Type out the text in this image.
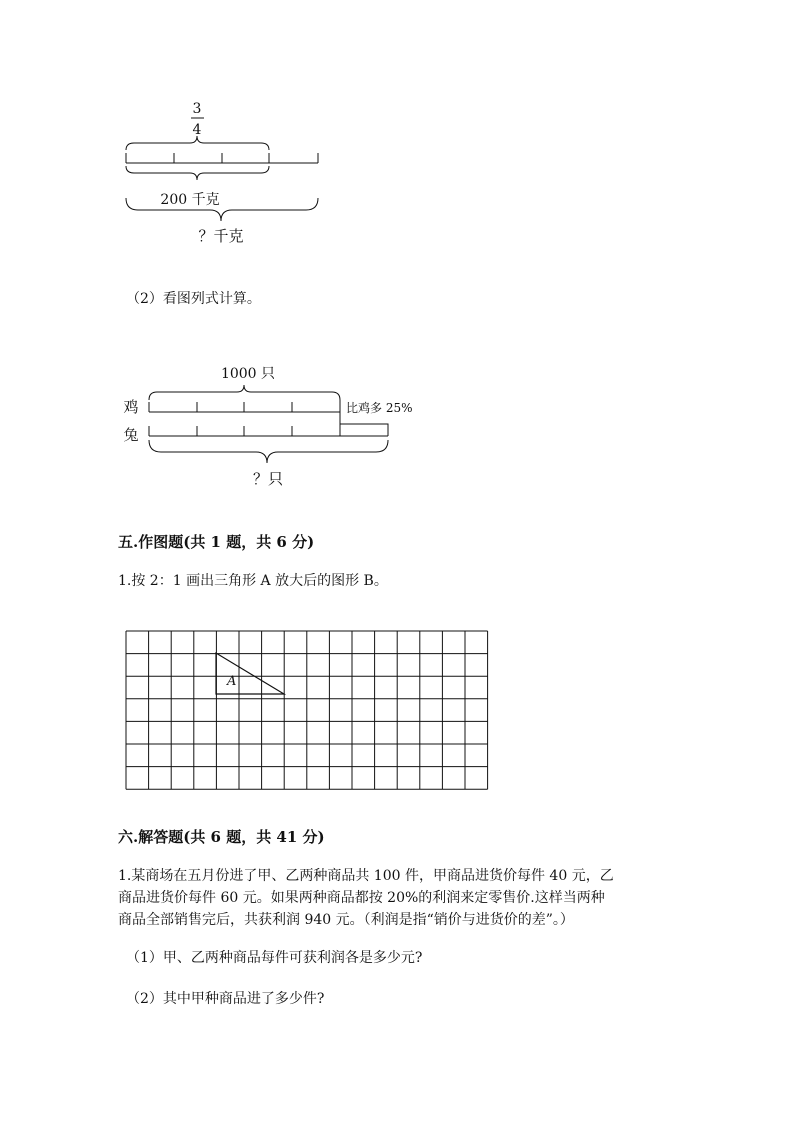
3
4
200 千克
？千克
1000 只
鸡	比鸡多 25%
兔
？只
A
（2）看图列式计算。
五.作图题(共 1 题，共 6 分)
1.按 2：1 画出三角形 A 放大后的图形 B。
六.解答题(共 6 题，共 41 分)
1.某商场在五月份进了甲、乙两种商品共 100 件，甲商品进货价每件 40 元，乙
商品进货价每件 60 元。如果两种商品都按 20%的利润来定零售价.这样当两种
商品全部销售完后，共获利润 940 元。（利润是指“销价与进货价的差”。）
（1）甲、乙两种商品每件可获利润各是多少元?
（2）其中甲种商品进了多少件?
